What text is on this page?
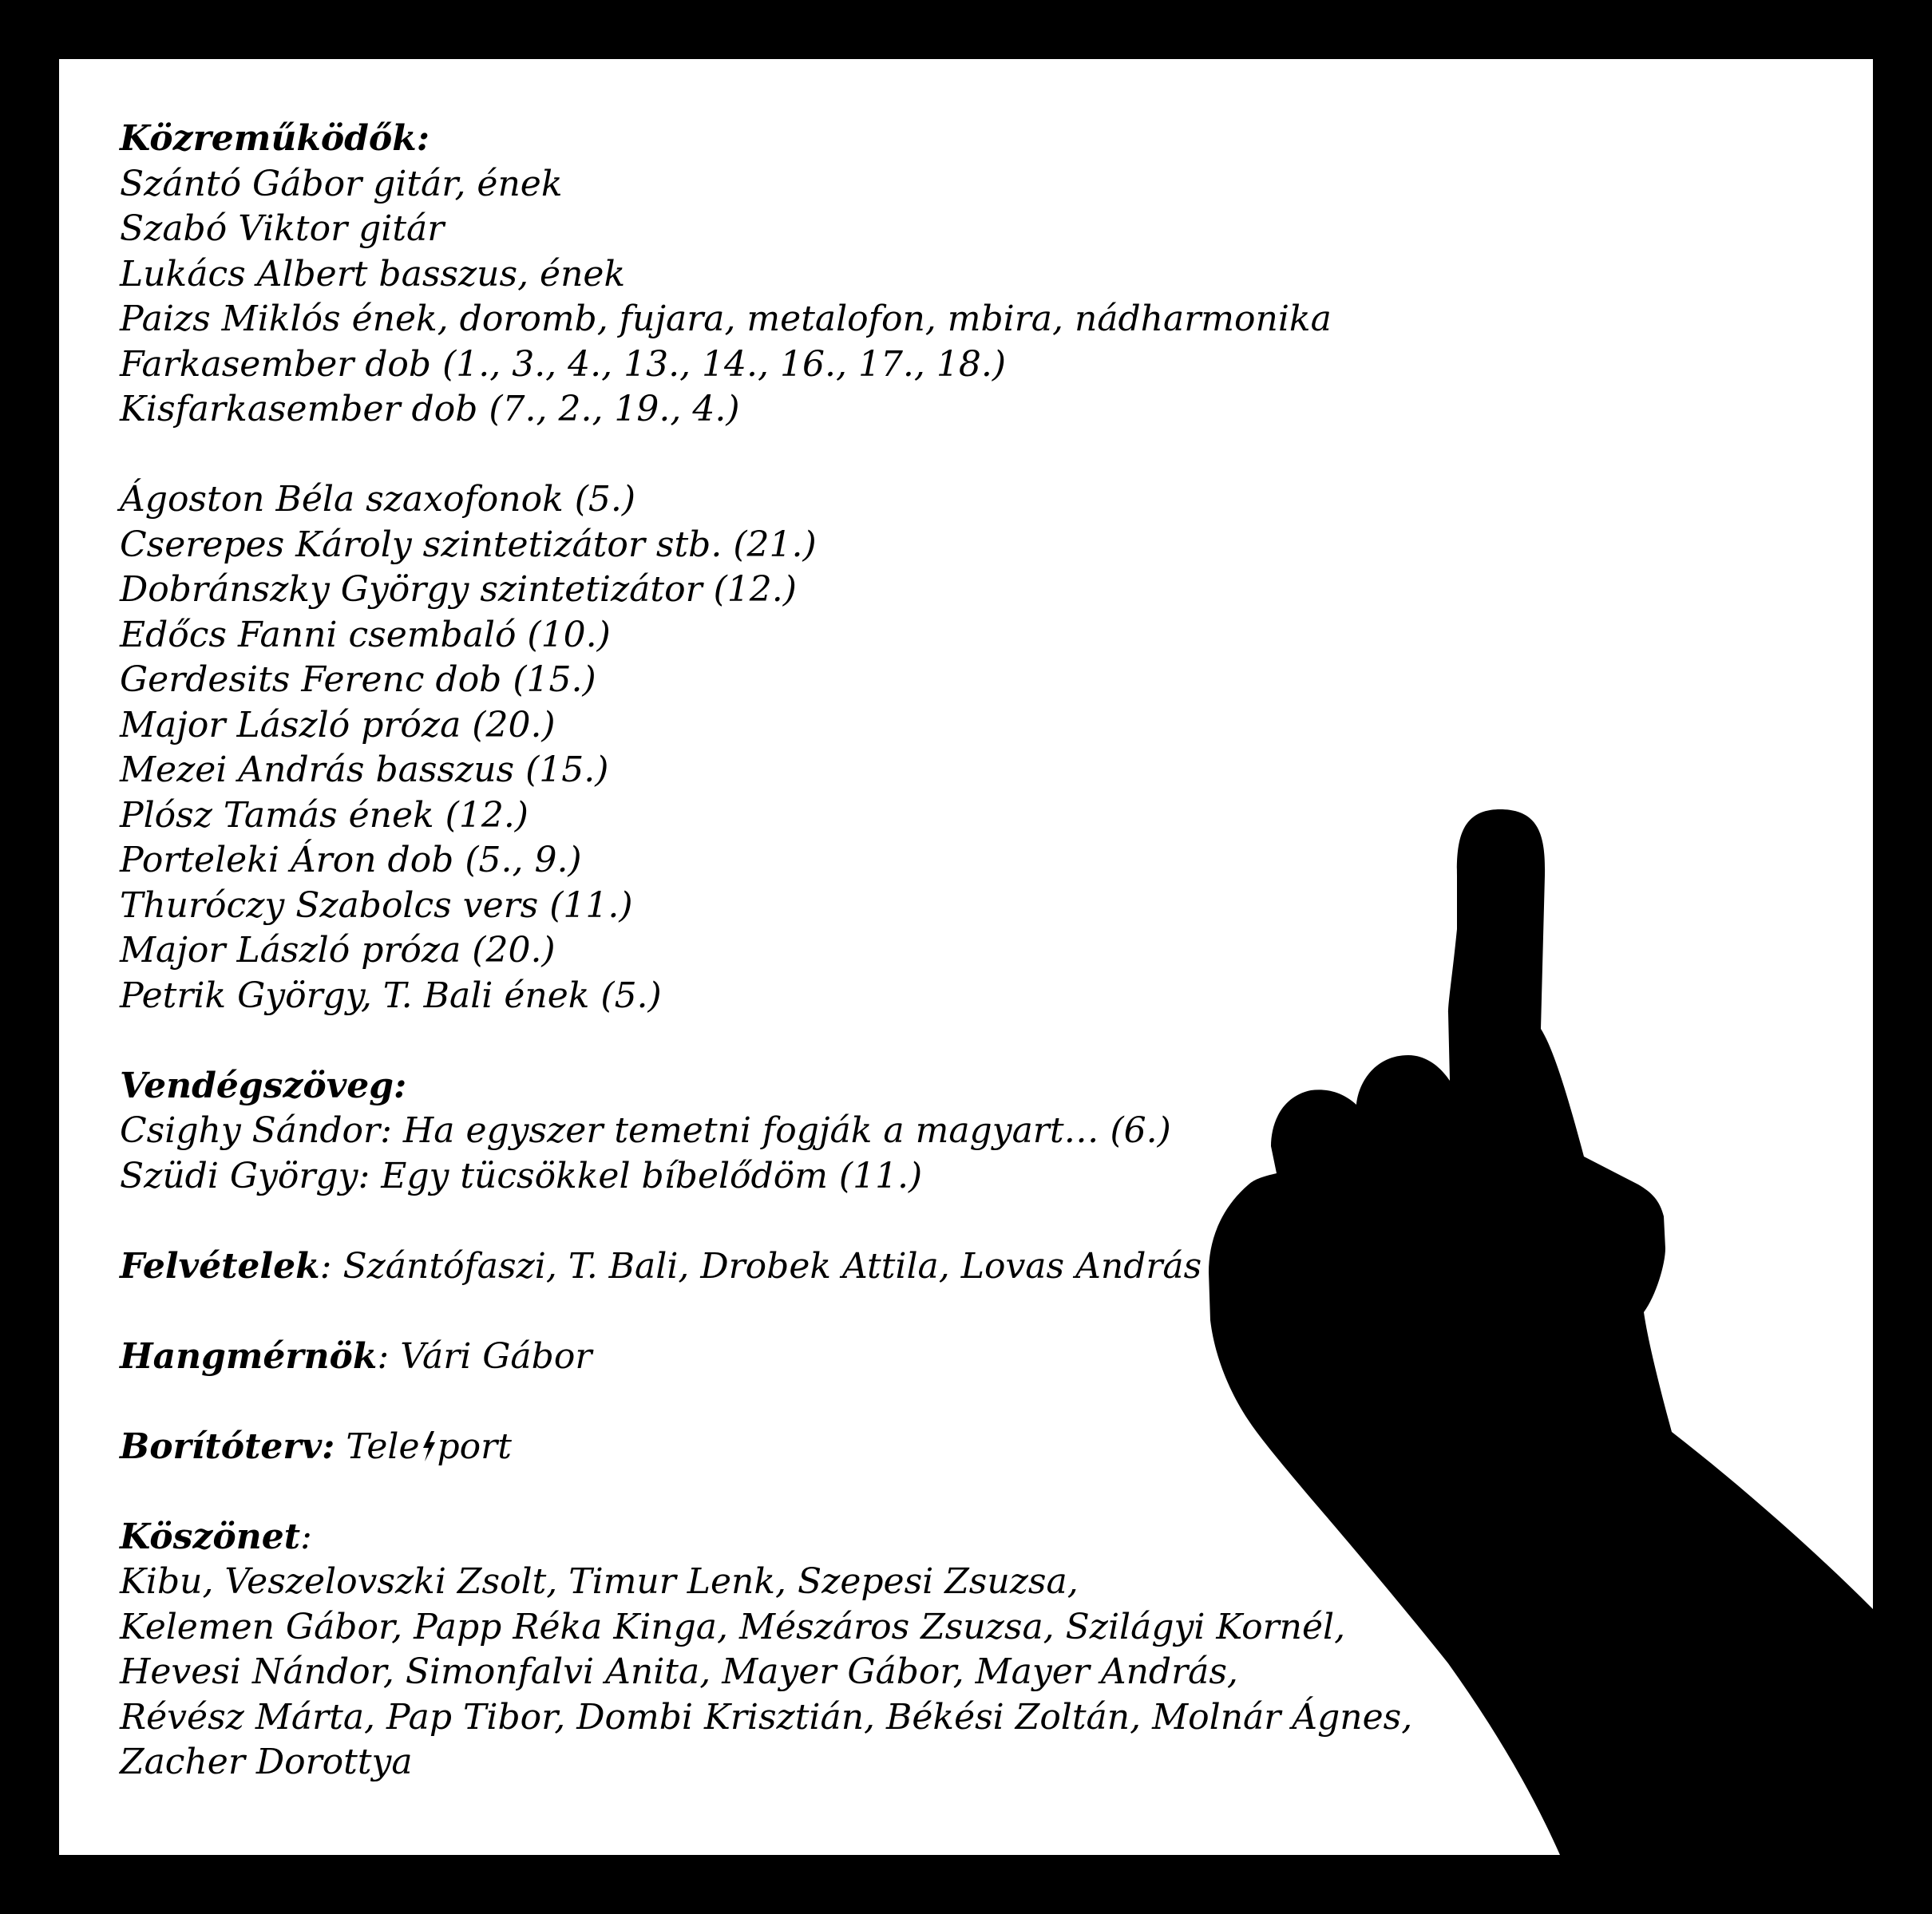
Közreműködők:
Szántó Gábor gitár, ének
Szabó Viktor gitár
Lukács Albert basszus, ének
Paizs Miklós ének, doromb, fujara, metalofon, mbira, nádharmonika
Farkasember dob (1., 3., 4., 13., 14., 16., 17., 18.)
Kisfarkasember dob (7., 2., 19., 4.)
Ágoston Béla szaxofonok (5.)
Cserepes Károly szintetizátor stb. (21.)
Dobránszky György szintetizátor (12.)
Edőcs Fanni csembaló (10.)
Gerdesits Ferenc dob (15.)
Major László próza (20.)
Mezei András basszus (15.)
Plósz Tamás ének (12.)
Porteleki Áron dob (5., 9.)
Thuróczy Szabolcs vers (11.)
Major László próza (20.)
Petrik György, T. Bali ének (5.)
Vendégszöveg:
Csighy Sándor: Ha egyszer temetni fogják a magyart… (6.)
Szüdi György: Egy tücsökkel bíbelődöm (11.)
Felvételek: Szántófaszi, T. Bali, Drobek Attila, Lovas András
Hangmérnök: Vári Gábor
Borítóterv: Tele port
Köszönet:
Kibu, Veszelovszki Zsolt, Timur Lenk, Szepesi Zsuzsa,
Kelemen Gábor, Papp Réka Kinga, Mészáros Zsuzsa, Szilágyi Kornél,
Hevesi Nándor, Simonfalvi Anita, Mayer Gábor, Mayer András,
Révész Márta, Pap Tibor, Dombi Krisztián, Békési Zoltán, Molnár Ágnes,
Zacher Dorottya
